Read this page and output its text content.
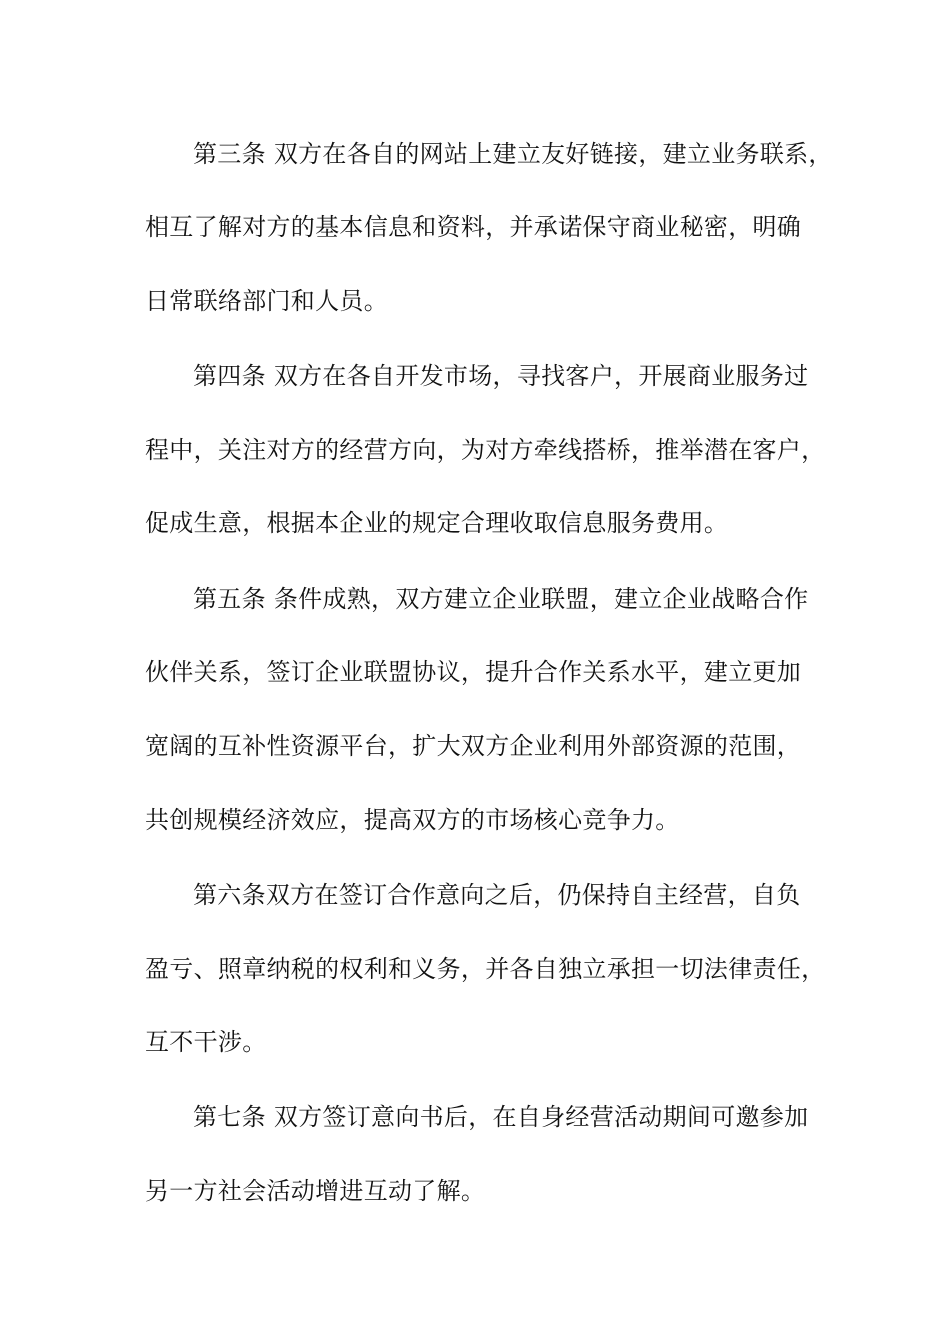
第三条 双方在各自的网站上建立友好链接，建立业务联系，
相互了解对方的基本信息和资料，并承诺保守商业秘密，明确
日常联络部门和人员。
第四条 双方在各自开发市场，寻找客户，开展商业服务过
程中，关注对方的经营方向，为对方牵线搭桥，推举潜在客户，
促成生意，根据本企业的规定合理收取信息服务费用。
第五条 条件成熟，双方建立企业联盟，建立企业战略合作
伙伴关系，签订企业联盟协议，提升合作关系水平，建立更加
宽阔的互补性资源平台，扩大双方企业利用外部资源的范围，
共创规模经济效应，提高双方的市场核心竞争力。
第六条双方在签订合作意向之后，仍保持自主经营，自负
盈亏、照章纳税的权利和义务，并各自独立承担一切法律责任，
互不干涉。
第七条 双方签订意向书后，在自身经营活动期间可邀参加
另一方社会活动增进互动了解。
